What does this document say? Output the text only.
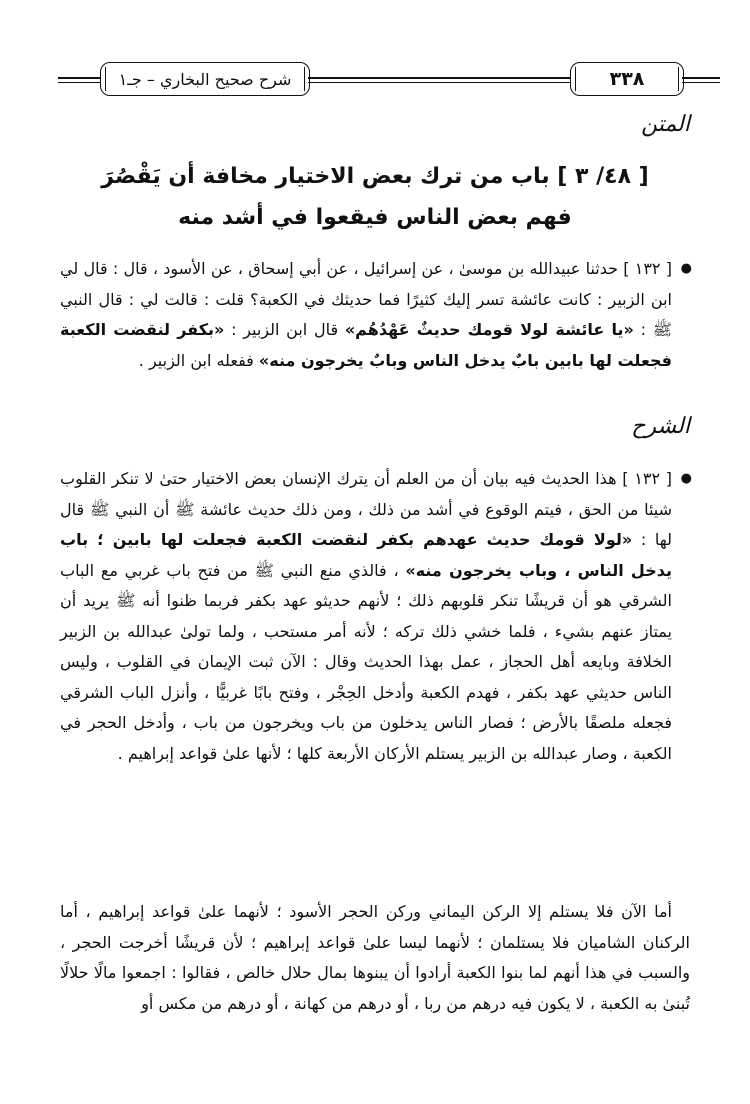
شرح صحيح البخاري – جـ١	٣٣٨
المتن
[ ٤٨/ ٣ ] باب من ترك بعض الاختيار مخافة أن يَقْصُرَ
فهم بعض الناس فيقعوا في أشد منه
● [ ١٣٢ ] حدثنا عبيدالله بن موسىٰ ، عن إسرائيل ، عن أبي إسحاق ، عن الأسود ، قال : قال لي ابن الزبير : كانت عائشة تسر إليك كثيرًا فما حديثك في الكعبة؟ قلت : قالت لي : قال النبي ﷺ : «يا عائشة لولا قومك حديثٌ عَهْدُهُم» قال ابن الزبير : «بكفر لنقضت الكعبة فجعلت لها بابين بابٌ يدخل الناس وبابٌ يخرجون منه» ففعله ابن الزبير .
الشرح
● [ ١٣٢ ] هذا الحديث فيه بيان أن من العلم أن يترك الإنسان بعض الاختيار حتىٰ لا تنكر القلوب شيئا من الحق ، فيتم الوقوع في أشد من ذلك ، ومن ذلك حديث عائشة ﷺ أن النبي ﷺ قال لها : «لولا قومك حديث عهدهم بكفر لنقضت الكعبة فجعلت لها بابين ؛ باب يدخل الناس ، وباب يخرجون منه» ، فالذي منع النبي ﷺ من فتح باب غربي مع الباب الشرقي هو أن قريشًا تنكر قلوبهم ذلك ؛ لأنهم حديثو عهد بكفر فربما ظنوا أنه ﷺ يريد أن يمتاز عنهم بشيء ، فلما خشي ذلك تركه ؛ لأنه أمر مستحب ، ولما تولىٰ عبدالله بن الزبير الخلافة وبايعه أهل الحجاز ، عمل بهذا الحديث وقال : الآن ثبت الإيمان في القلوب ، وليس الناس حديثي عهد بكفر ، فهدم الكعبة وأدخل الحِجْر ، وفتح بابًا غربيًّا ، وأنزل الباب الشرقي فجعله ملصقًا بالأرض ؛ فصار الناس يدخلون من باب ويخرجون من باب ، وأدخل الحجر في الكعبة ، وصار عبدالله بن الزبير يستلم الأركان الأربعة كلها ؛ لأنها علىٰ قواعد إبراهيم .
أما الآن فلا يستلم إلا الركن اليماني وركن الحجر الأسود ؛ لأنهما علىٰ قواعد إبراهيم ، أما الركنان الشاميان فلا يستلمان ؛ لأنهما ليسا علىٰ قواعد إبراهيم ؛ لأن قريشًا أخرجت الحجر ، والسبب في هذا أنهم لما بنوا الكعبة أرادوا أن يبنوها بمال حلال خالص ، فقالوا : اجمعوا مالًا حلالًا تُبنىٰ به الكعبة ، لا يكون فيه درهم من ربا ، أو درهم من كهانة ، أو درهم من مكس أو
